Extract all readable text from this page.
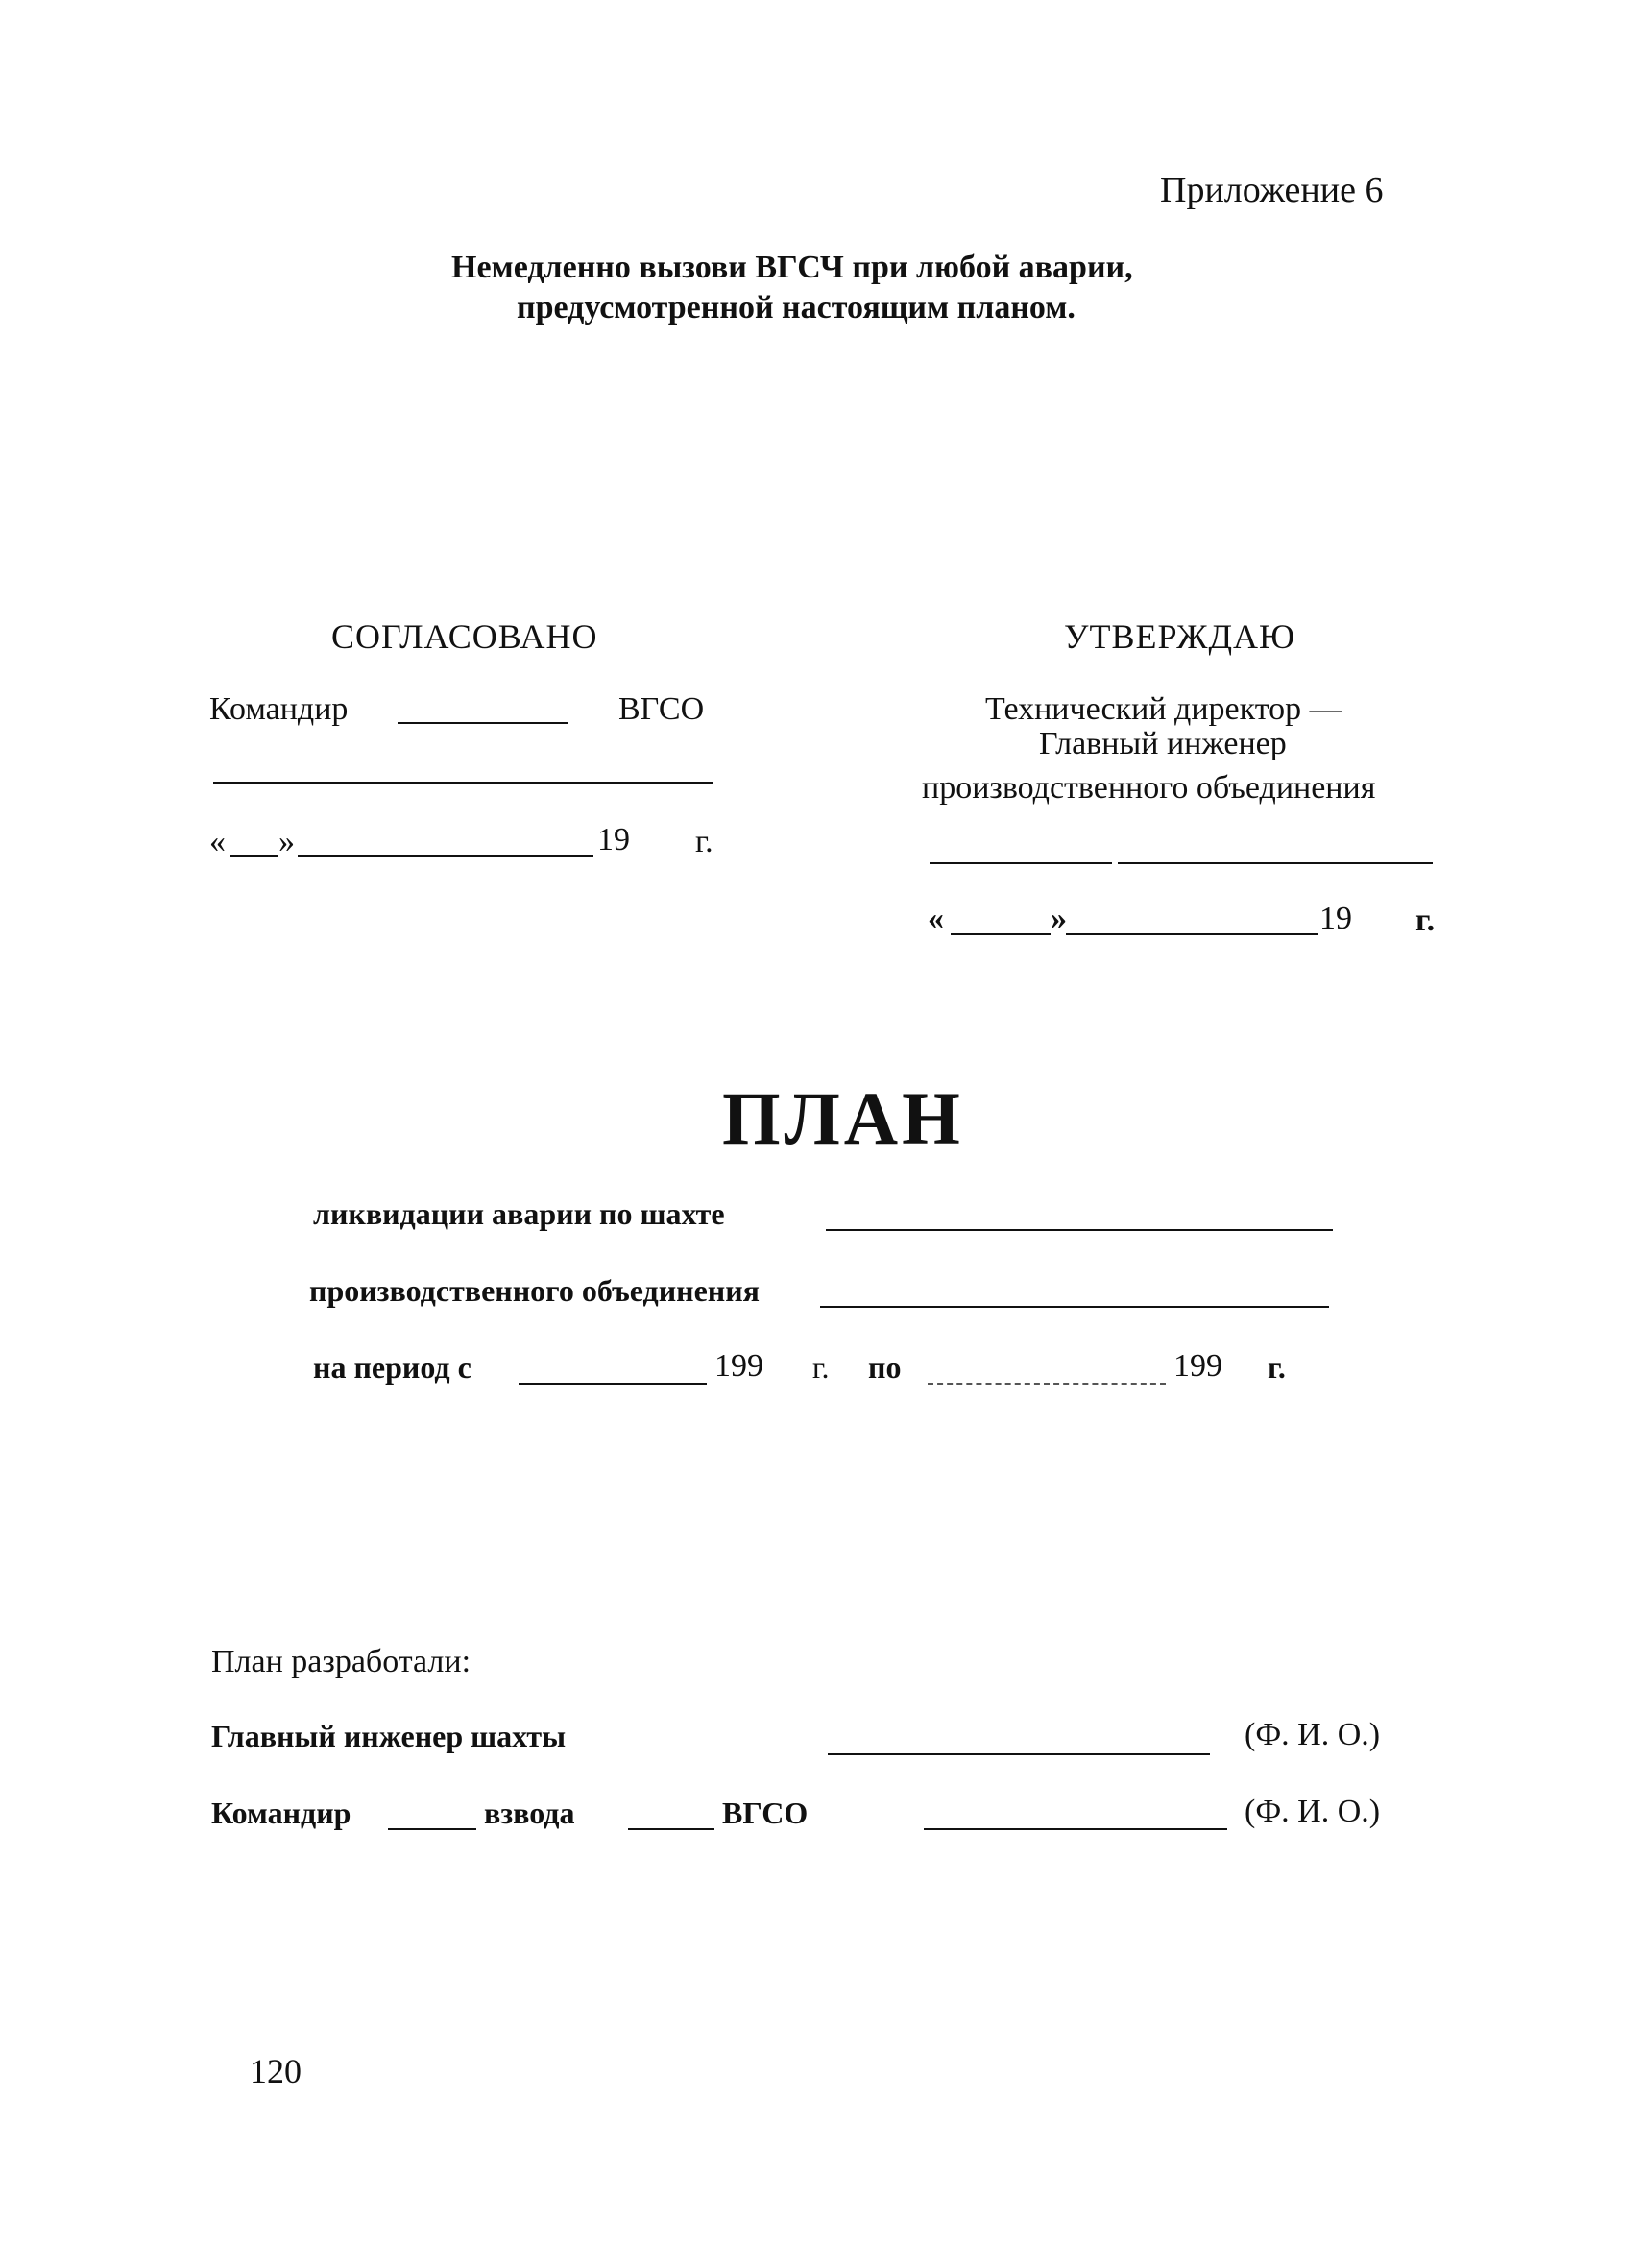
Приложение 6
Немедленно вызови ВГСЧ при любой аварии,
предусмотренной настоящим планом.
СОГЛАСОВАНО
Командир	ВГСО
« »	19 г.
УТВЕРЖДАЮ
Технический директор —
Главный инженер
производственного объединения
«	»	19 г.
ПЛАН
ликвидации аварии по шахте
производственного объединения
на период с	199 г. по	199 г.
План разработали:
Главный инженер шахты	(Ф. И. О.)
Командир	взвода	ВГСО	(Ф. И. О.)
120
